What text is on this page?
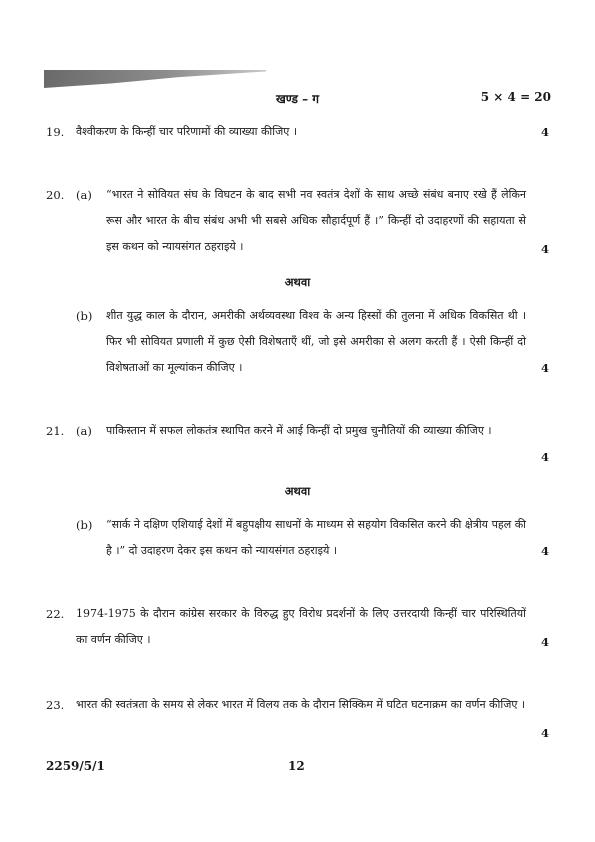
खण्ड – ग	5 × 4 = 20
19. वैश्वीकरण के किन्हीं चार परिणामों की व्याख्या कीजिए ।	4
20. (a) “भारत ने सोवियत संघ के विघटन के बाद सभी नव स्वतंत्र देशों के साथ अच्छे संबंध बनाए रखे हैं लेकिन रूस और भारत के बीच संबंध अभी भी सबसे अधिक सौहार्दपूर्ण हैं ।” किन्हीं दो उदाहरणों की सहायता से इस कथन को न्यायसंगत ठहराइये ।	4
अथवा
(b) शीत युद्ध काल के दौरान, अमरीकी अर्थव्यवस्था विश्व के अन्य हिस्सों की तुलना में अधिक विकसित थी । फिर भी सोवियत प्रणाली में कुछ ऐसी विशेषताएँ थीं, जो इसे अमरीका से अलग करती हैं । ऐसी किन्हीं दो विशेषताओं का मूल्यांकन कीजिए ।	4
21. (a) पाकिस्तान में सफल लोकतंत्र स्थापित करने में आई किन्हीं दो प्रमुख चुनौतियों की व्याख्या कीजिए ।
4
अथवा
(b) “सार्क ने दक्षिण एशियाई देशों में बहुपक्षीय साधनों के माध्यम से सहयोग विकसित करने की क्षेत्रीय पहल की है ।” दो उदाहरण देकर इस कथन को न्यायसंगत ठहराइये ।	4
22. 1974-1975 के दौरान कांग्रेस सरकार के विरुद्ध हुए विरोध प्रदर्शनों के लिए उत्तरदायी किन्हीं चार परिस्थितियों का वर्णन कीजिए ।	4
23. भारत की स्वतंत्रता के समय से लेकर भारत में विलय तक के दौरान सिक्किम में घटित घटनाक्रम का वर्णन कीजिए ।
4
2259/5/1	12
